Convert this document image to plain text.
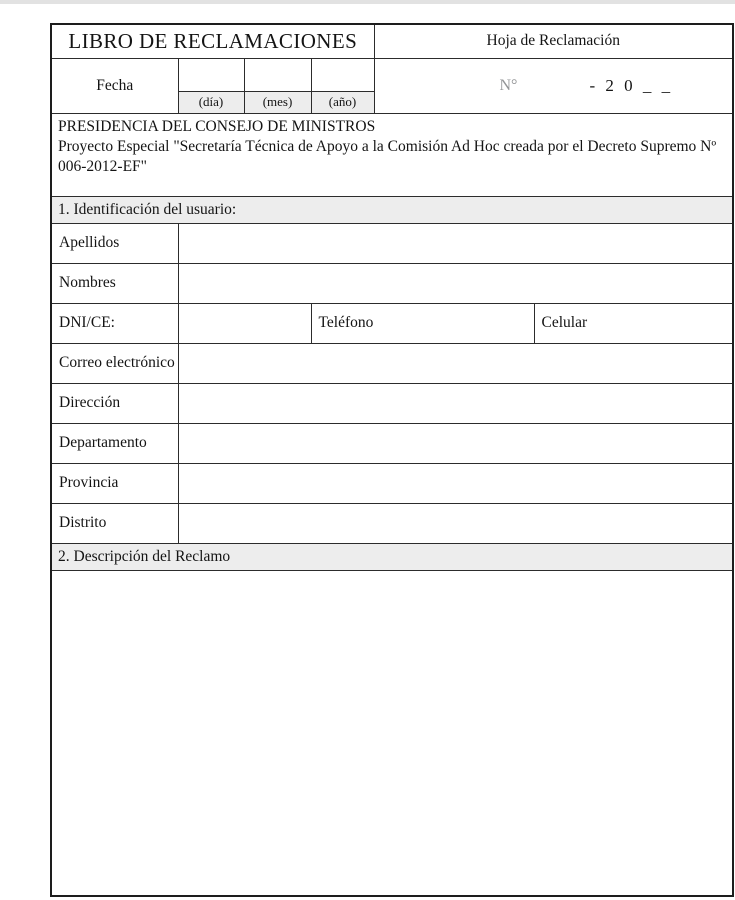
LIBRO DE RECLAMACIONES				Hoja de Reclamación	
Fecha				N° - 2 0 _ _	

	(día)	(mes)	(año)		

PRESIDENCIA DEL CONSEJO DE MINISTROS
Proyecto Especial "Secretaría Técnica de Apoyo a la Comisión Ad Hoc creada por el Decreto Supremo Nº 006-2012-EF"					

1. Identificación del usuario:					
Apellidos					
Nombres					
DNI/CE:			Teléfono		Celular
Correo electrónico					
Dirección					
Departamento					
Provincia					
Distrito					
2. Descripción del Reclamo					
